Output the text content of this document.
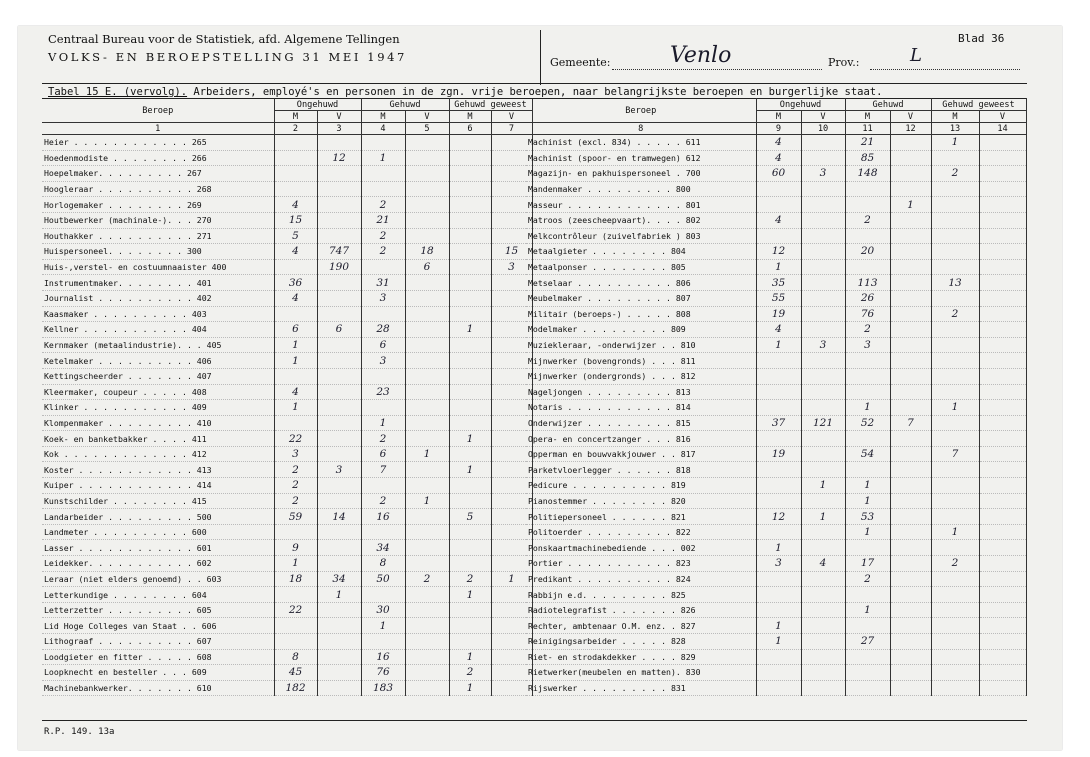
Centraal Bureau voor de Statistiek, afd. Algemene Tellingen
VOLKS- EN BEROEPSTELLING 31 MEI 1947	Gemeente:	Venlo	Prov.:	L
Blad 36
Tabel 15 E. (vervolg). Arbeiders, employé's en personen in de zgn. vrije beroepen, naar belangrijkste beroepen en burgerlijke staat.
Beroep	Ongehuwd		Gehuwd		Gehuwd geweest	
	M	V	M	V	M	V
1	2	3	4	5	6	7
Heier . . . . . . . . . . . . 265						
Hoedenmodiste . . . . . . . . 266		12	1			
Hoepelmaker. . . . . . . . . 267						
Hoogleraar . . . . . . . . . . 268						
Horlogemaker . . . . . . . . 269	4		2			
Houtbewerker (machinale-). . . 270	15		21			
Houthakker . . . . . . . . . . 271	5		2			
Huispersoneel. . . . . . . . 300	4	747	2	18		15
Huis-,verstel- en costuumnaaister 400		190		6		3
Instrumentmaker. . . . . . . . 401	36		31			
Journalist . . . . . . . . . . 402	4		3			
Kaasmaker . . . . . . . . . . 403						
Kellner . . . . . . . . . . . 404	6	6	28		1	
Kernmaker (metaalindustrie). . . 405	1		6			
Ketelmaker . . . . . . . . . . 406	1		3			
Kettingscheerder . . . . . . . 407						
Kleermaker, coupeur . . . . . 408	4		23			
Klinker . . . . . . . . . . . 409	1					
Klompenmaker . . . . . . . . . 410			1			
Koek- en banketbakker . . . . 411	22		2		1	
Kok . . . . . . . . . . . . . 412	3		6	1		
Koster . . . . . . . . . . . . 413	2	3	7		1	
Kuiper . . . . . . . . . . . . 414	2					
Kunstschilder . . . . . . . . 415	2		2	1		
Landarbeider . . . . . . . . . 500	59	14	16		5	
Landmeter . . . . . . . . . . 600						
Lasser . . . . . . . . . . . . 601	9		34			
Leidekker. . . . . . . . . . . 602	1		8			
Leraar (niet elders genoemd) . . 603	18	34	50	2	2	1
Letterkundige . . . . . . . . 604		1			1	
Letterzetter . . . . . . . . . 605	22		30			
Lid Hoge Colleges van Staat . . 606			1			
Lithograaf . . . . . . . . . . 607						
Loodgieter en fitter . . . . . 608	8		16		1	
Loopknecht en besteller . . . 609	45		76		2	
Machinebankwerker. . . . . . . 610	182		183		1	
Beroep	Ongehuwd		Gehuwd		Gehuwd geweest	
	M	V	M	V	M	V
8	9	10	11	12	13	14
Machinist (excl. 834) . . . . . 611	4		21		1	
Machinist (spoor- en tramwegen) 612	4		85			
Magazijn- en pakhuispersoneel . 700	60	3	148		2	
Mandenmaker . . . . . . . . . 800						
Masseur . . . . . . . . . . . . 801				1		
Matroos (zeescheepvaart). . . . 802	4		2			
Melkcontrôleur (zuivelfabriek ) 803						
Metaalgieter . . . . . . . . 804	12		20			
Metaalponser . . . . . . . . 805	1					
Metselaar . . . . . . . . . . 806	35		113		13	
Meubelmaker . . . . . . . . . 807	55		26			
Militair (beroeps-) . . . . . 808	19		76		2	
Modelmaker . . . . . . . . . 809	4		2			
Muziekleraar, -onderwijzer . . 810	1	3	3			
Mijnwerker (bovengronds) . . . 811						
Mijnwerker (ondergronds) . . . 812						
Nageljongen . . . . . . . . . 813						
Notaris . . . . . . . . . . . 814			1		1	
Onderwijzer . . . . . . . . . 815	37	121	52	7		
Opera- en concertzanger . . . 816						
Opperman en bouwvakkjouwer . . 817	19		54		7	
Parketvloerlegger . . . . . . 818						
Pedicure . . . . . . . . . . 819		1	1			
Pianostemmer . . . . . . . . 820			1			
Politiepersoneel . . . . . . 821	12	1	53			
Politoerder . . . . . . . . . 822			1		1	
Ponskaartmachinebediende . . . 002	1					
Portier . . . . . . . . . . . 823	3	4	17		2	
Predikant . . . . . . . . . . 824			2			
Rabbijn e.d. . . . . . . . . 825						
Radiotelegrafist . . . . . . . 826			1			
Rechter, ambtenaar O.M. enz. . 827	1					
Reinigingsarbeider . . . . . 828	1		27			
Riet- en strodakdekker . . . . 829						
Rietwerker(meubelen en matten). 830						
Rijswerker . . . . . . . . . 831						
R.P. 149. 13a
